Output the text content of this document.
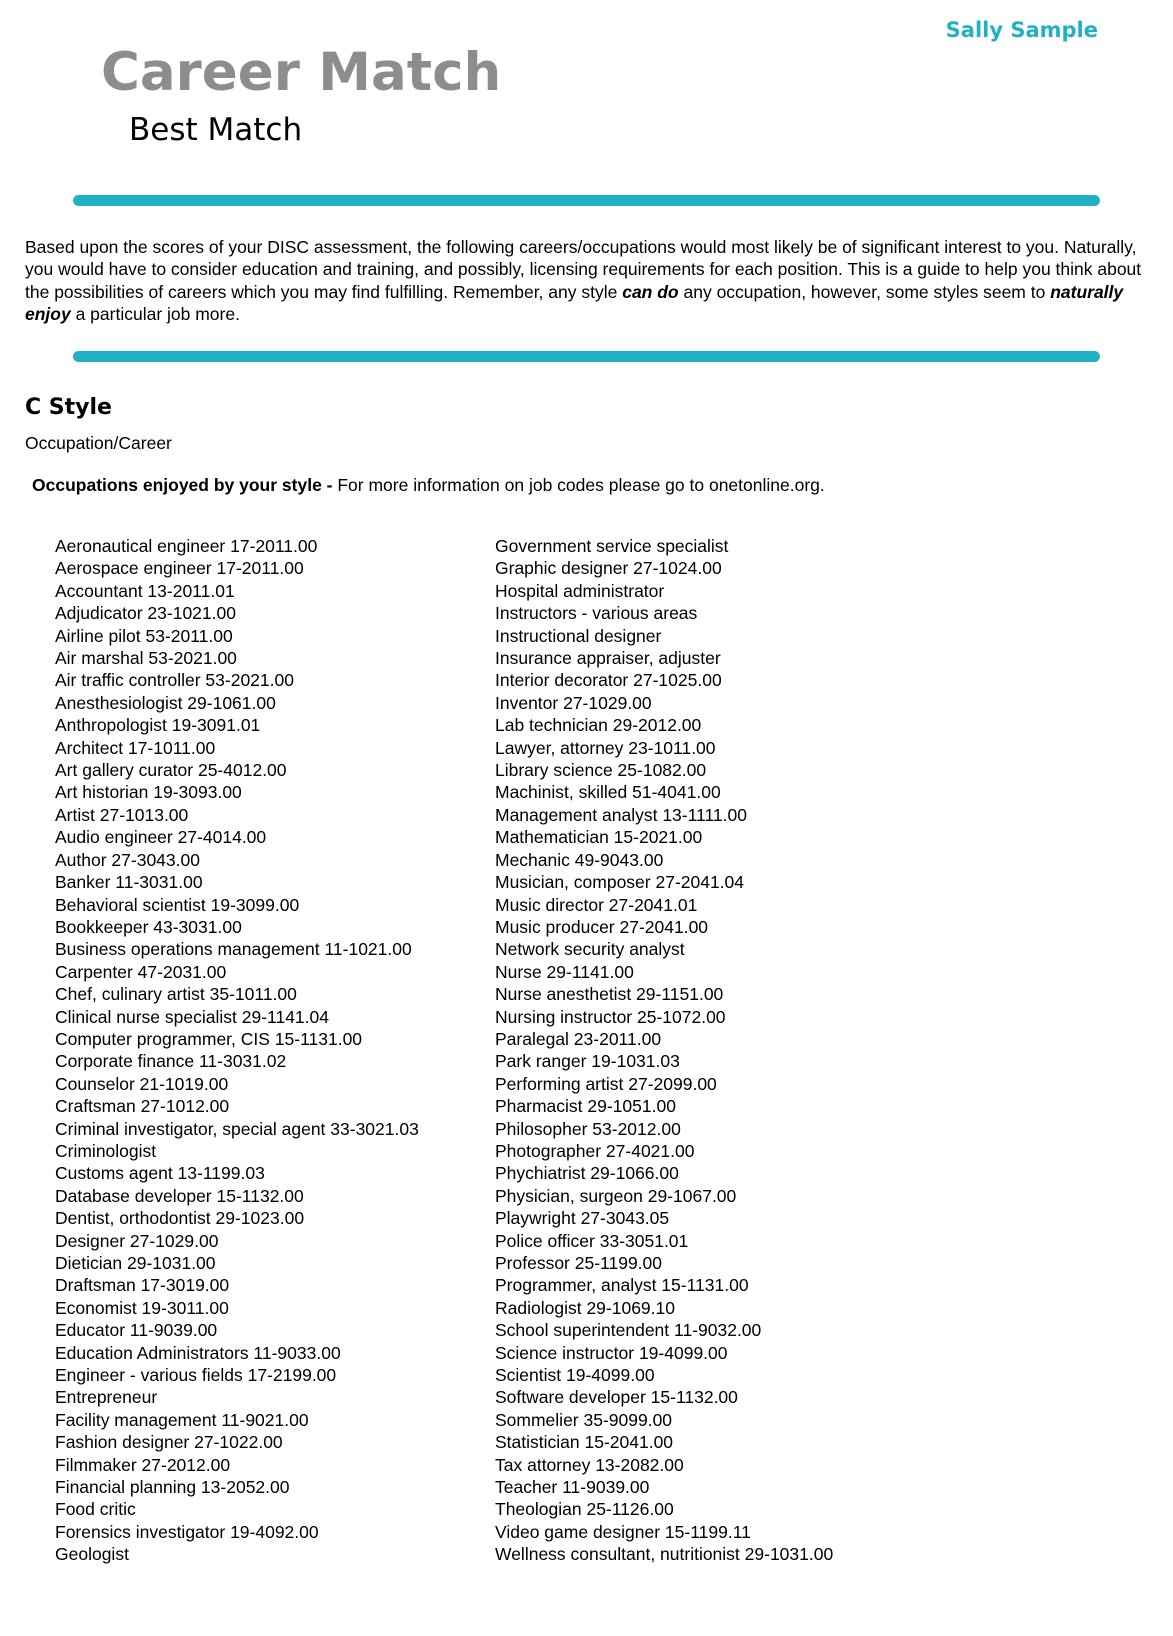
Sally Sample
Career Match
Best Match

Based upon the scores of your DISC assessment, the following careers/occupations would most likely be of significant interest to you. Naturally, you would have to consider education and training, and possibly, licensing requirements for each position. This is a guide to help you think about the possibilities of careers which you may find fulfilling. Remember, any style can do any occupation, however, some styles seem to naturally enjoy a particular job more.

C Style
Occupation/Career
Occupations enjoyed by your style - For more information on job codes please go to onetonline.org.
Aeronautical engineer 17-2011.00
Aerospace engineer 17-2011.00
Accountant 13-2011.01
Adjudicator 23-1021.00
Airline pilot 53-2011.00
Air marshal 53-2021.00
Air traffic controller 53-2021.00
Anesthesiologist 29-1061.00
Anthropologist 19-3091.01
Architect 17-1011.00
Art gallery curator 25-4012.00
Art historian 19-3093.00
Artist 27-1013.00
Audio engineer 27-4014.00
Author 27-3043.00
Banker 11-3031.00
Behavioral scientist 19-3099.00
Bookkeeper 43-3031.00
Business operations management 11-1021.00
Carpenter 47-2031.00
Chef, culinary artist 35-1011.00
Clinical nurse specialist 29-1141.04
Computer programmer, CIS 15-1131.00
Corporate finance 11-3031.02
Counselor 21-1019.00
Craftsman 27-1012.00
Criminal investigator, special agent 33-3021.03
Criminologist
Customs agent 13-1199.03
Database developer 15-1132.00
Dentist, orthodontist 29-1023.00
Designer 27-1029.00
Dietician 29-1031.00
Draftsman 17-3019.00
Economist 19-3011.00
Educator 11-9039.00
Education Administrators 11-9033.00
Engineer - various fields 17-2199.00
Entrepreneur
Facility management 11-9021.00
Fashion designer 27-1022.00
Filmmaker 27-2012.00
Financial planning 13-2052.00
Food critic
Forensics investigator 19-4092.00
Geologist
Government service specialist
Graphic designer 27-1024.00
Hospital administrator
Instructors - various areas
Instructional designer
Insurance appraiser, adjuster
Interior decorator 27-1025.00
Inventor 27-1029.00
Lab technician 29-2012.00
Lawyer, attorney 23-1011.00
Library science 25-1082.00
Machinist, skilled 51-4041.00
Management analyst 13-1111.00
Mathematician 15-2021.00
Mechanic 49-9043.00
Musician, composer 27-2041.04
Music director 27-2041.01
Music producer 27-2041.00
Network security analyst
Nurse 29-1141.00
Nurse anesthetist 29-1151.00
Nursing instructor 25-1072.00
Paralegal 23-2011.00
Park ranger 19-1031.03
Performing artist 27-2099.00
Pharmacist 29-1051.00
Philosopher 53-2012.00
Photographer 27-4021.00
Phychiatrist 29-1066.00
Physician, surgeon 29-1067.00
Playwright 27-3043.05
Police officer 33-3051.01
Professor 25-1199.00
Programmer, analyst 15-1131.00
Radiologist 29-1069.10
School superintendent 11-9032.00
Science instructor 19-4099.00
Scientist 19-4099.00
Software developer 15-1132.00
Sommelier 35-9099.00
Statistician 15-2041.00
Tax attorney 13-2082.00
Teacher 11-9039.00
Theologian 25-1126.00
Video game designer 15-1199.11
Wellness consultant, nutritionist 29-1031.00
